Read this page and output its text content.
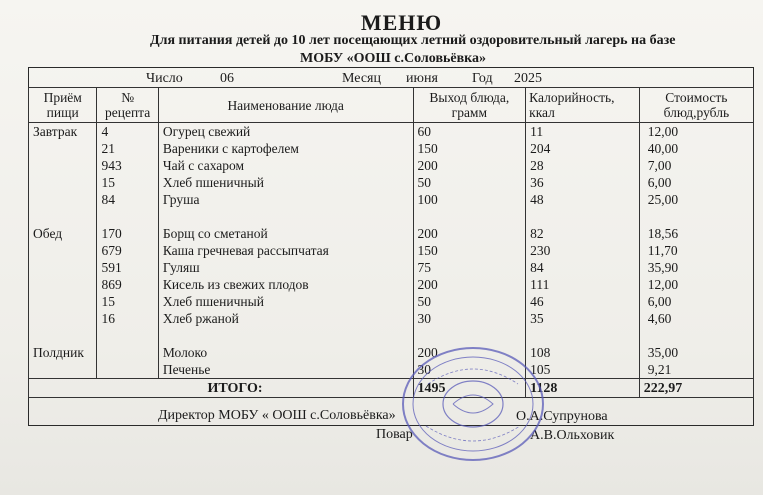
МЕНЮ
Для питания детей до 10 лет посещающих летний оздоровительный лагерь на базе
МОБУ «ООШ с.Соловьёвка»
Число	06	Месяц июня Год	2025
Приём пищи	№ рецепта	Наименование люда	Выход блюда, грамм	Калорийность, ккал	Стоимость блюд,рубль
Завтрак	4	Огурец свежий	60	11	12,00
	21	Вареники с картофелем	150	204	40,00
	943	Чай с сахаром	200	28	7,00
	15	Хлеб пшеничный	50	36	6,00
	84	Груша	100	48	25,00

Обед	170	Борщ со сметаной	200	82	18,56
	679	Каша гречневая рассыпчатая	150	230	11,70
	591	Гуляш	75	84	35,90
	869	Кисель из свежих плодов	200	111	12,00
	15	Хлеб пшеничный	50	46	6,00
	16	Хлеб ржаной	30	35	4,60

Полдник		Молоко	200	108	35,00
		Печенье	30	105	9,21
ИТОГО:			1495	1128	222,97
Директор МОБУ « ООШ с.Соловьёвка»	О.А.Супрунова
Повар	А.В.Ольховик
